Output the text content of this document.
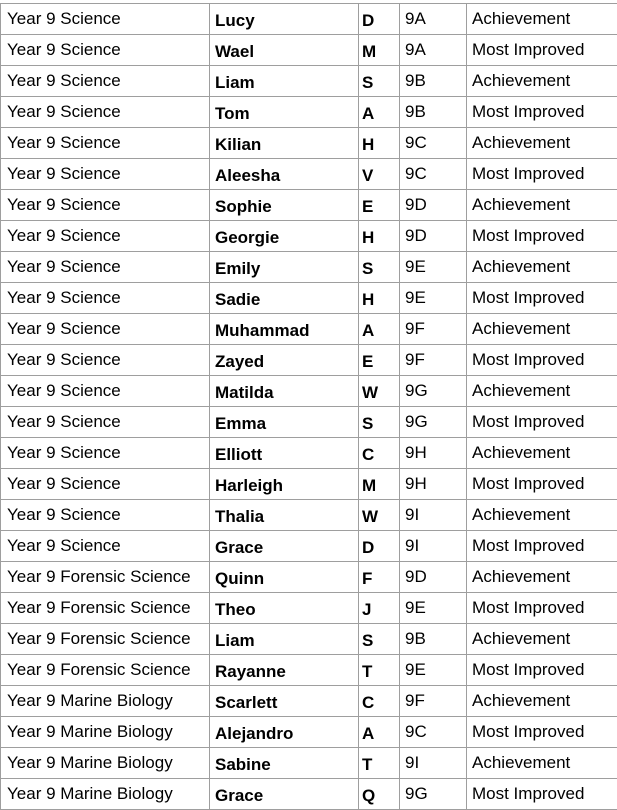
Year 9 Science	Lucy	D	9A	Achievement
Year 9 Science	Wael	M	9A	Most Improved
Year 9 Science	Liam	S	9B	Achievement
Year 9 Science	Tom	A	9B	Most Improved
Year 9 Science	Kilian	H	9C	Achievement
Year 9 Science	Aleesha	V	9C	Most Improved
Year 9 Science	Sophie	E	9D	Achievement
Year 9 Science	Georgie	H	9D	Most Improved
Year 9 Science	Emily	S	9E	Achievement
Year 9 Science	Sadie	H	9E	Most Improved
Year 9 Science	Muhammad	A	9F	Achievement
Year 9 Science	Zayed	E	9F	Most Improved
Year 9 Science	Matilda	W	9G	Achievement
Year 9 Science	Emma	S	9G	Most Improved
Year 9 Science	Elliott	C	9H	Achievement
Year 9 Science	Harleigh	M	9H	Most Improved
Year 9 Science	Thalia	W	9I	Achievement
Year 9 Science	Grace	D	9I	Most Improved
Year 9 Forensic Science	Quinn	F	9D	Achievement
Year 9 Forensic Science	Theo	J	9E	Most Improved
Year 9 Forensic Science	Liam	S	9B	Achievement
Year 9 Forensic Science	Rayanne	T	9E	Most Improved
Year 9 Marine Biology	Scarlett	C	9F	Achievement
Year 9 Marine Biology	Alejandro	A	9C	Most Improved
Year 9 Marine Biology	Sabine	T	9I	Achievement
Year 9 Marine Biology	Grace	Q	9G	Most Improved
